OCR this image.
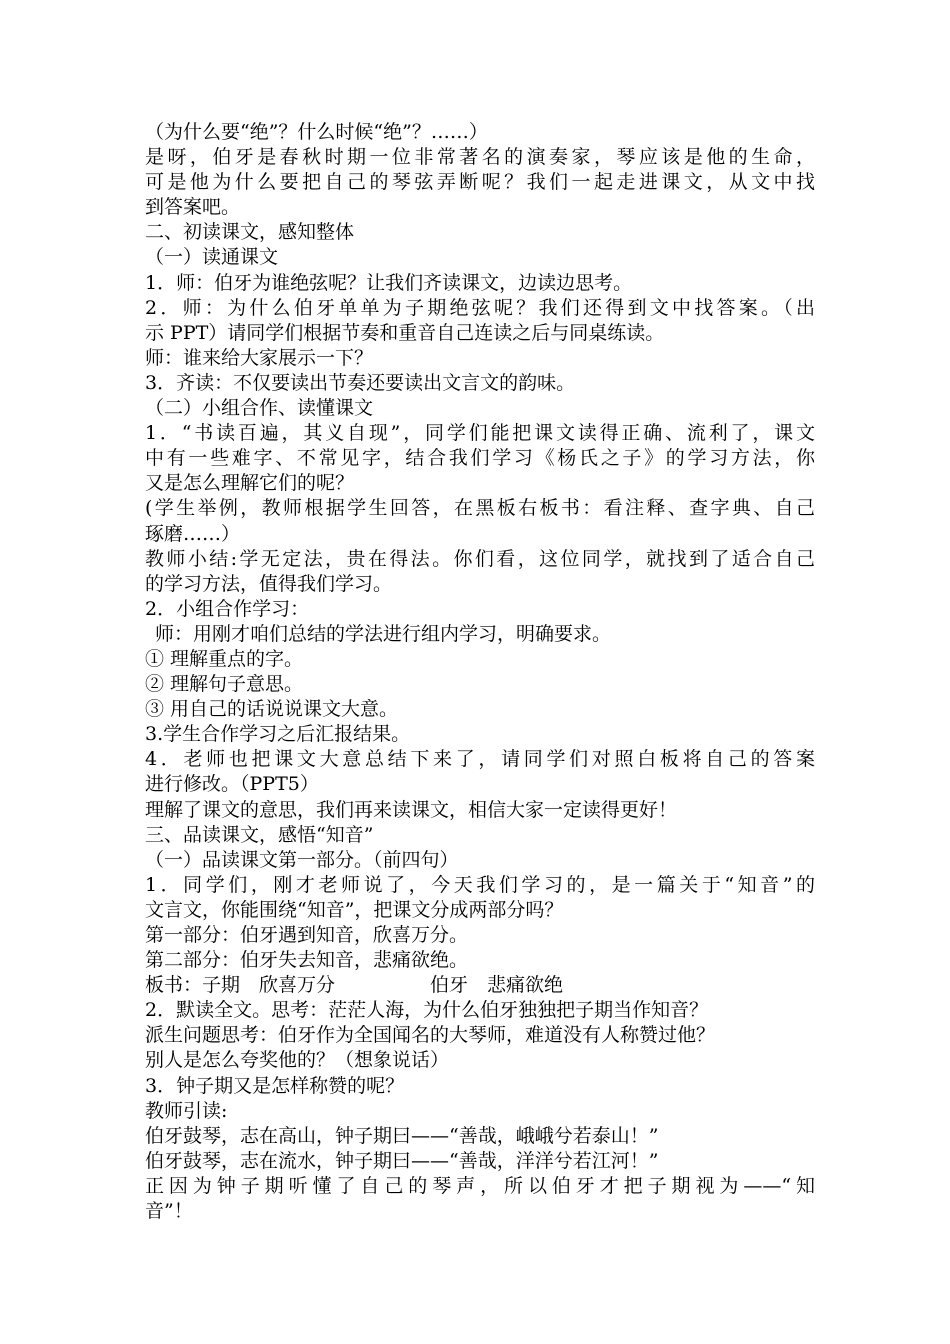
（为什么要“绝”？什么时候“绝”？……）
是呀，伯牙是春秋时期一位非常著名的演奏家，琴应该是他的生命，
可是他为什么要把自己的琴弦弄断呢？我们一起走进课文，从文中找
到答案吧。
二、初读课文，感知整体
（一）读通课文
1．师：伯牙为谁绝弦呢？让我们齐读课文，边读边思考。
2．师：为什么伯牙单单为子期绝弦呢？我们还得到文中找答案。（出
示 PPT）请同学们根据节奏和重音自己连读之后与同桌练读。
师：谁来给大家展示一下？
3．齐读：不仅要读出节奏还要读出文言文的韵味。
（二）小组合作、读懂课文
1．“书读百遍，其义自现”，同学们能把课文读得正确、流利了，课文
中有一些难字、不常见字，结合我们学习《杨氏之子》的学习方法，你
又是怎么理解它们的呢？
(学生举例，教师根据学生回答，在黑板右板书：看注释、查字典、自己
琢磨……）
教师小结:学无定法，贵在得法。你们看，这位同学，就找到了适合自己
的学习方法，值得我们学习。
2．小组合作学习：
师：用刚才咱们总结的学法进行组内学习，明确要求。
① 理解重点的字。
② 理解句子意思。
③ 用自己的话说说课文大意。
3.学生合作学习之后汇报结果。
4．老师也把课文大意总结下来了，请同学们对照白板将自己的答案
进行修改。（PPT5）
理解了课文的意思，我们再来读课文，相信大家一定读得更好！
三、品读课文，感悟“知音”
（一）品读课文第一部分。（前四句）
1．同学们，刚才老师说了，今天我们学习的，是一篇关于“知音”的
文言文，你能围绕“知音”，把课文分成两部分吗？
第一部分：伯牙遇到知音，欣喜万分。
第二部分：伯牙失去知音，悲痛欲绝。
板书：子期　欣喜万分　　　　　伯牙　悲痛欲绝
2．默读全文。思考：茫茫人海，为什么伯牙独独把子期当作知音？
派生问题思考：伯牙作为全国闻名的大琴师，难道没有人称赞过他？
别人是怎么夸奖他的？（想象说话）
3．钟子期又是怎样称赞的呢？
教师引读:
伯牙鼓琴，志在高山，钟子期曰——“善哉，峨峨兮若泰山！”
伯牙鼓琴，志在流水，钟子期曰——“善哉，洋洋兮若江河！”
正因为钟子期听懂了自己的琴声，所以伯牙才把子期视为——“知
音”！
